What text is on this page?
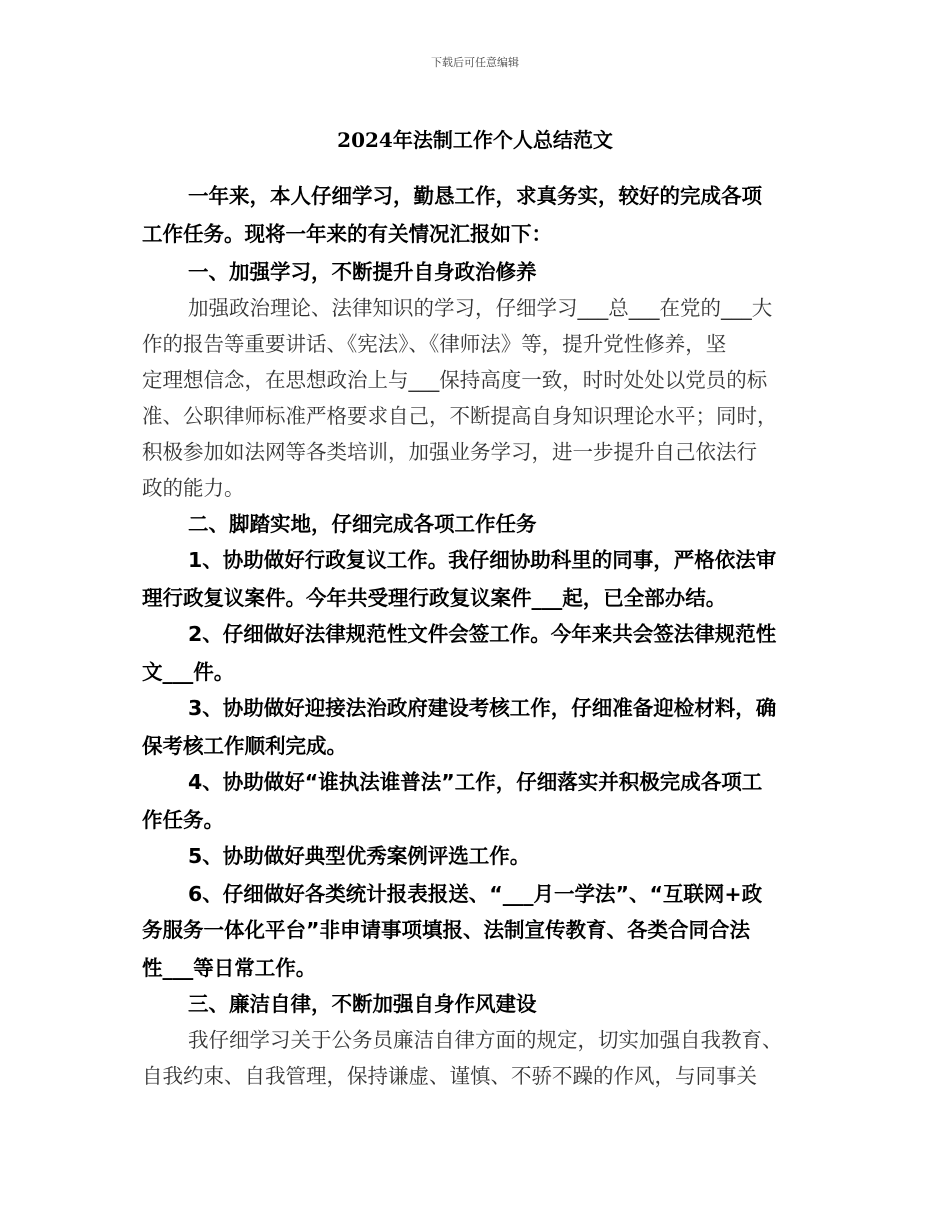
下载后可任意编辑
2024年法制工作个人总结范文
一年来，本人仔细学习，勤恳工作，求真务实，较好的完成各项
工作任务。现将一年来的有关情况汇报如下：
一、加强学习，不断提升自身政治修养
加强政治理论、法律知识的学习，仔细学习___总___在党的___大
作的报告等重要讲话、《宪法》、《律师法》等，提升党性修养，坚
定理想信念，在思想政治上与___保持高度一致，时时处处以党员的标
准、公职律师标准严格要求自己，不断提高自身知识理论水平；同时，
积极参加如法网等各类培训，加强业务学习，进一步提升自己依法行
政的能力。
二、脚踏实地，仔细完成各项工作任务
1、协助做好行政复议工作。我仔细协助科里的同事，严格依法审
理行政复议案件。今年共受理行政复议案件___起，已全部办结。
2、仔细做好法律规范性文件会签工作。今年来共会签法律规范性
文___件。
3、协助做好迎接法治政府建设考核工作，仔细准备迎检材料，确
保考核工作顺利完成。
4、协助做好“谁执法谁普法”工作，仔细落实并积极完成各项工
作任务。
5、协助做好典型优秀案例评选工作。
6、仔细做好各类统计报表报送、“___月一学法”、“互联网+政
务服务一体化平台”非申请事项填报、法制宣传教育、各类合同合法
性___等日常工作。
三、廉洁自律，不断加强自身作风建设
我仔细学习关于公务员廉洁自律方面的规定，切实加强自我教育、
自我约束、自我管理，保持谦虚、谨慎、不骄不躁的作风，与同事关
